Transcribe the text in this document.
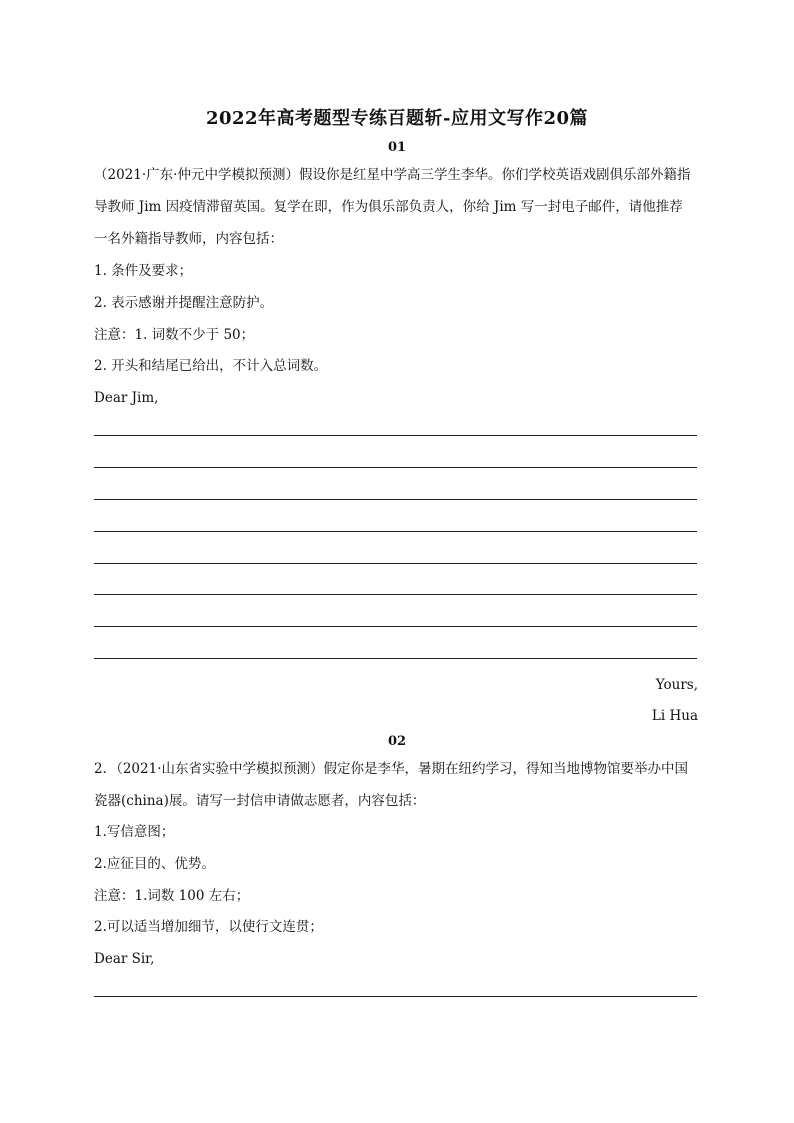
2022年高考题型专练百题斩-应用文写作20篇
01
（2021·广东·仲元中学模拟预测）假设你是红星中学高三学生李华。你们学校英语戏剧俱乐部外籍指
导教师 Jim 因疫情滞留英国。复学在即，作为俱乐部负责人，你给 Jim 写一封电子邮件，请他推荐
一名外籍指导教师，内容包括：
1. 条件及要求；
2. 表示感谢并提醒注意防护。
注意：1. 词数不少于 50；
2. 开头和结尾已给出，不计入总词数。
Dear Jim,
Yours,
Li Hua
02
2．（2021·山东省实验中学模拟预测）假定你是李华，暑期在纽约学习，得知当地博物馆要举办中国
瓷器(china)展。请写一封信申请做志愿者，内容包括：
1.写信意图；
2.应征目的、优势。
注意：1.词数 100 左右；
2.可以适当增加细节，以使行文连贯；
Dear Sir,
